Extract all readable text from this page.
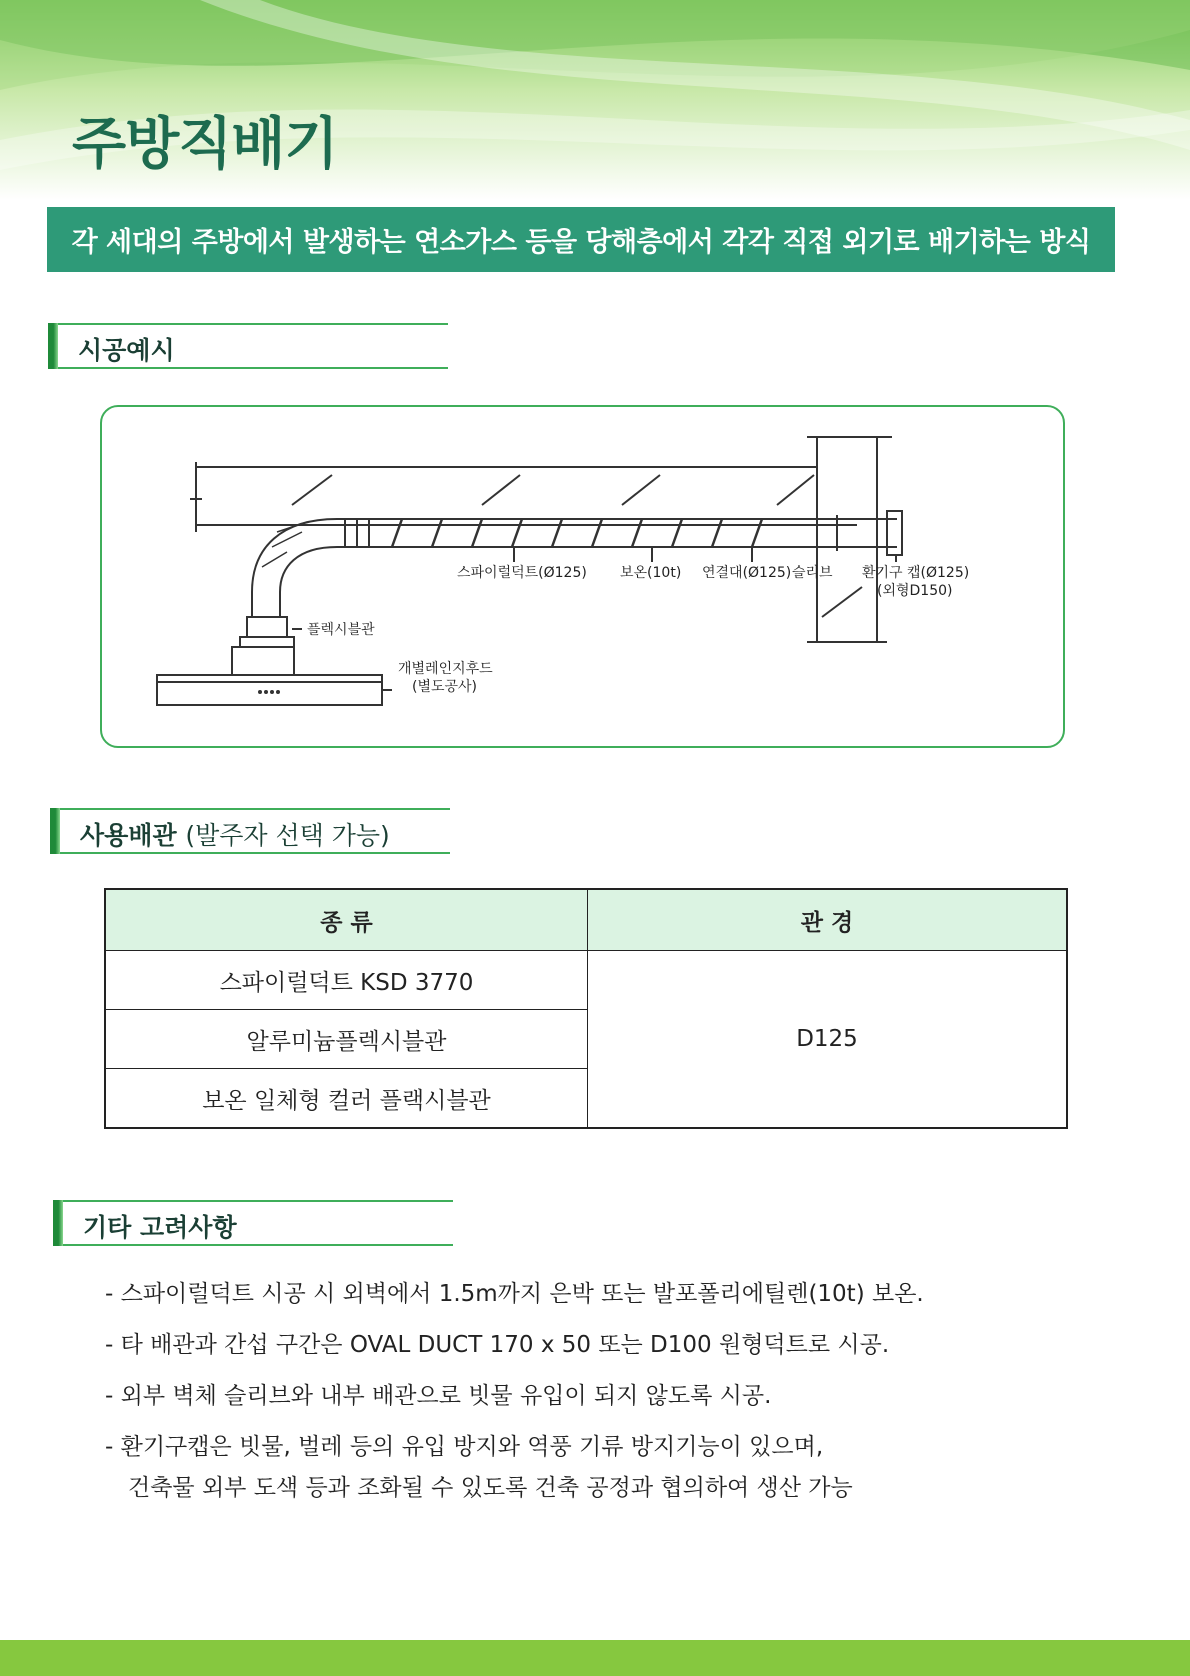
주방직배기
각 세대의 주방에서 발생하는 연소가스 등을 당해층에서 각각 직접 외기로 배기하는 방식
시공예시
플렉시블관
스파이럴덕트(Ø125) 보온(10t) 연결대(Ø125) 슬리브 환기구 캡(Ø125)
(외형D150)
개별레인지후드
(별도공사)
사용배관 (발주자 선택 가능)
종 류	관 경
스파이럴덕트 KSD 3770	D125
알루미늄플렉시블관	
보온 일체형 컬러 플랙시블관	
기타 고려사항
- 스파이럴덕트 시공 시 외벽에서 1.5m까지 은박 또는 발포폴리에틸렌(10t) 보온.
- 타 배관과 간섭 구간은 OVAL DUCT 170 x 50 또는 D100 원형덕트로 시공.
- 외부 벽체 슬리브와 내부 배관으로 빗물 유입이 되지 않도록 시공.
- 환기구캡은 빗물, 벌레 등의 유입 방지와 역풍 기류 방지기능이 있으며,
건축물 외부 도색 등과 조화될 수 있도록 건축 공정과 협의하여 생산 가능
